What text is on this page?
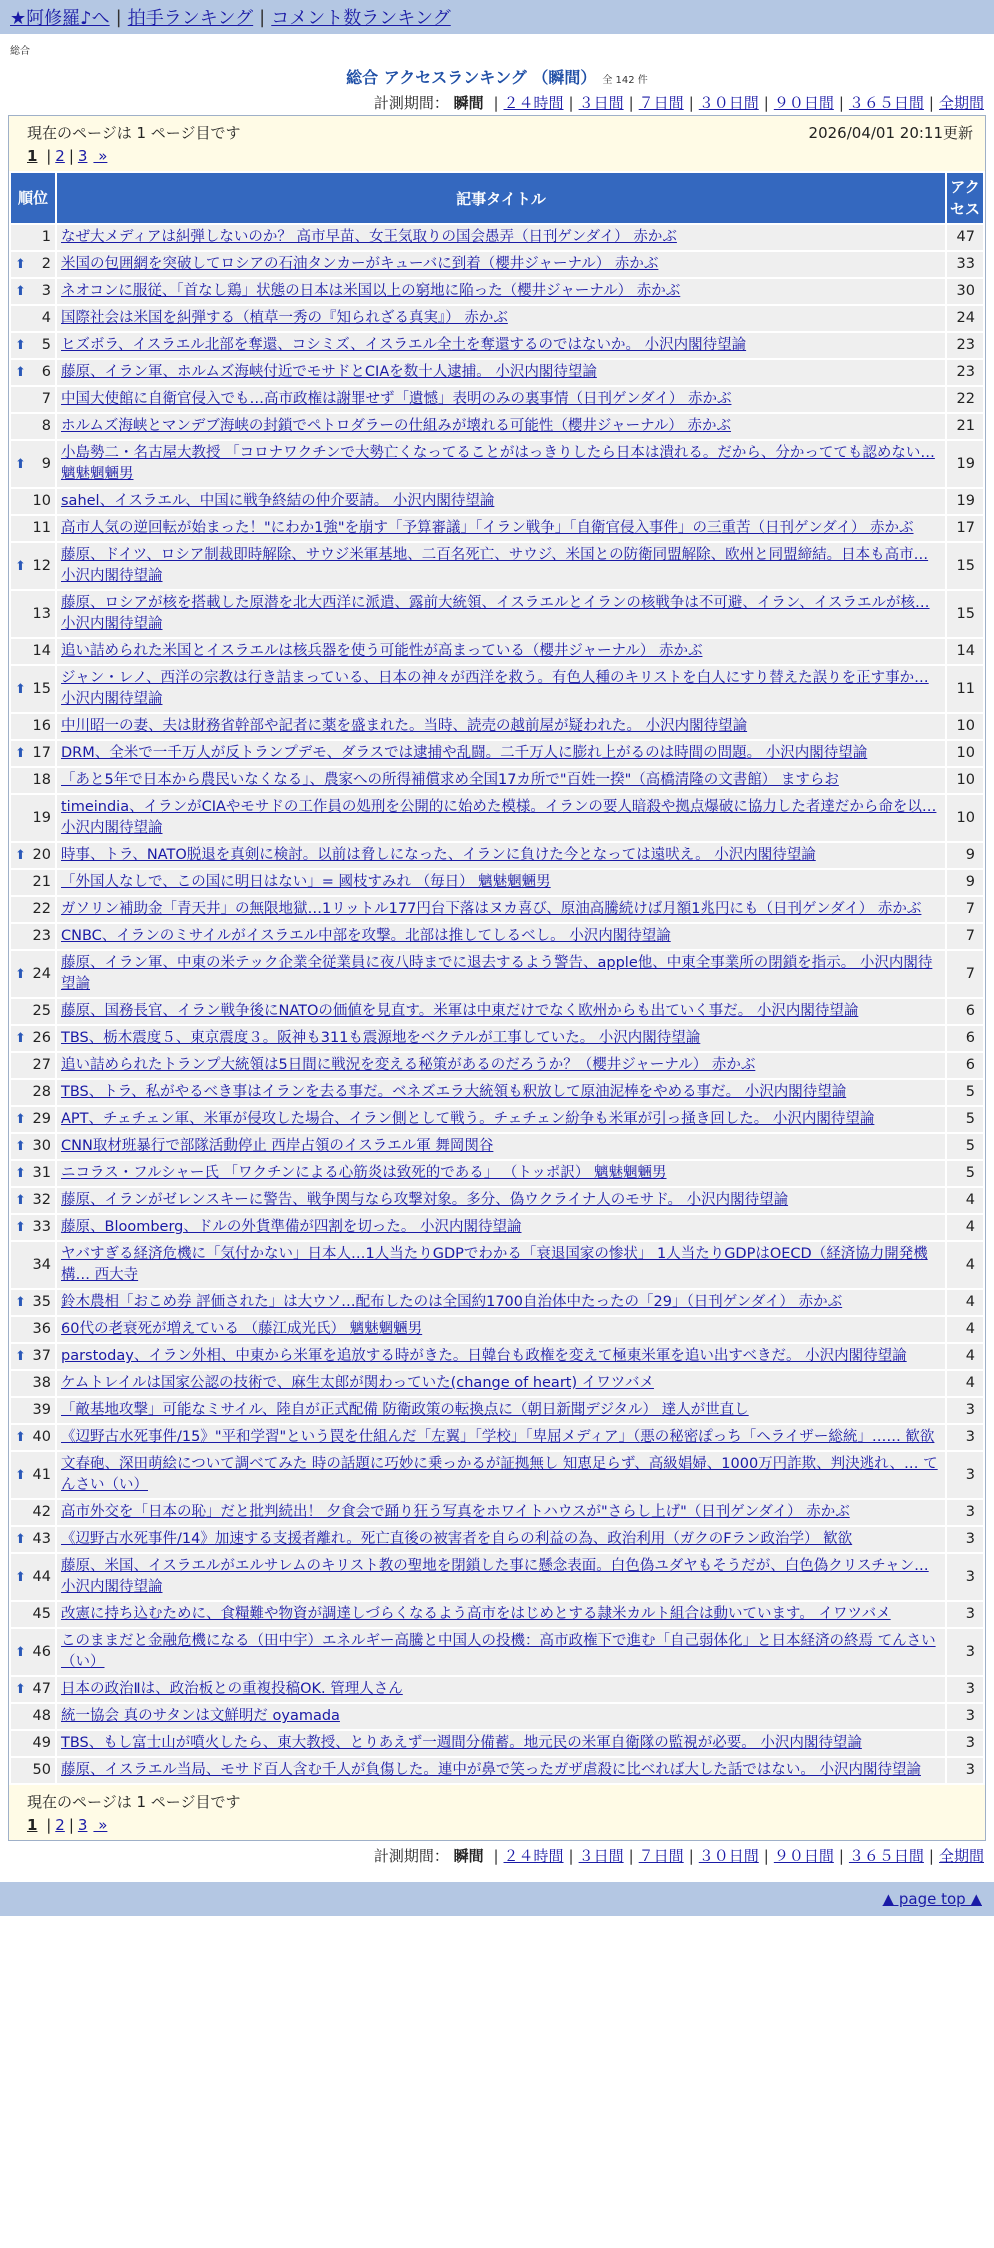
★阿修羅♪へ | 拍手ランキング | コメント数ランキング
総合
総合 アクセスランキング （瞬間） 全 142 件
計測期間： 瞬間 | ２４時間 | ３日間 | ７日間 | ３０日間 | ９０日間 | ３６５日間 | 全期間
現在のページは 1 ページ目です	2026/04/01 20:11更新
1 | 2 | 3 »
順位	記事タイトル	アクセス
1	なぜ大メディアは糾弾しないのか？ 高市早苗、女王気取りの国会愚弄（日刊ゲンダイ） 赤かぶ	47

⬆ 2	米国の包囲網を突破してロシアの石油タンカーがキューバに到着（櫻井ジャーナル） 赤かぶ	33

⬆ 3	ネオコンに服従、「首なし鶏」状態の日本は米国以上の窮地に陥った（櫻井ジャーナル） 赤かぶ	30
4	国際社会は米国を糾弾する（植草一秀の『知られざる真実』） 赤かぶ	24

⬆ 5	ヒズボラ、イスラエル北部を奪還、コシミズ、イスラエル全土を奪還するのではないか。 小沢内閣待望論	23

⬆ 6	藤原、イラン軍、ホルムズ海峡付近でモサドとCIAを数十人逮捕。 小沢内閣待望論	23
7	中国大使館に自衛官侵入でも…高市政権は謝罪せず「遺憾」表明のみの裏事情（日刊ゲンダイ） 赤かぶ	22
8	ホルムズ海峡とマンデブ海峡の封鎖でペトロダラーの仕組みが壊れる可能性（櫻井ジャーナル） 赤かぶ	21

⬆ 9	小島勢二・名古屋大教授 「コロナワクチンで大勢亡くなってることがはっきりしたら日本は潰れる。だから、分かってても認めない… 魑魅魍魎男	19
10	sahel、イスラエル、中国に戦争終結の仲介要請。 小沢内閣待望論	19
11	高市人気の逆回転が始まった！"にわか1強"を崩す「予算審議」「イラン戦争」「自衛官侵入事件」の三重苦（日刊ゲンダイ） 赤かぶ	17

⬆ 12	藤原、ドイツ、ロシア制裁即時解除、サウジ米軍基地、二百名死亡、サウジ、米国との防衛同盟解除、欧州と同盟締結。日本も高市… 小沢内閣待望論	15
13	藤原、ロシアが核を搭載した原潜を北大西洋に派遣、露前大統領、イスラエルとイランの核戦争は不可避、イラン、イスラエルが核… 小沢内閣待望論	15
14	追い詰められた米国とイスラエルは核兵器を使う可能性が高まっている（櫻井ジャーナル） 赤かぶ	14

⬆ 15	ジャン・レノ、西洋の宗教は行き詰まっている、日本の神々が西洋を救う。有色人種のキリストを白人にすり替えた誤りを正す事か… 小沢内閣待望論	11
16	中川昭一の妻、夫は財務省幹部や記者に薬を盛まれた。当時、読売の越前屋が疑われた。 小沢内閣待望論	10

⬆ 17	DRM、全米で一千万人が反トランプデモ、ダラスでは逮捕や乱闘。二千万人に膨れ上がるのは時間の問題。 小沢内閣待望論	10
18	「あと5年で日本から農民いなくなる」、農家への所得補償求め全国17カ所で"百姓一揆"（高橋清隆の文書館） ますらお	10
19	timeindia、イランがCIAやモサドの工作員の処刑を公開的に始めた模様。イランの要人暗殺や拠点爆破に協力した者達だから命を以… 小沢内閣待望論	10

⬆ 20	時事、トラ、NATO脱退を真剣に検討。以前は脅しになった、イランに負けた今となっては遠吠え。 小沢内閣待望論	9
21	「外国人なしで、この国に明日はない」= 國枝すみれ （毎日） 魑魅魍魎男	9
22	ガソリン補助金「青天井」の無限地獄…1リットル177円台下落はヌカ喜び、原油高騰続けば月額1兆円にも（日刊ゲンダイ） 赤かぶ	7
23	CNBC、イランのミサイルがイスラエル中部を攻撃。北部は推してしるべし。 小沢内閣待望論	7

⬆ 24	藤原、イラン軍、中東の米テック企業全従業員に夜八時までに退去するよう警告、apple他、中東全事業所の閉鎖を指示。 小沢内閣待望論	7
25	藤原、国務長官、イラン戦争後にNATOの価値を見直す。米軍は中東だけでなく欧州からも出ていく事だ。 小沢内閣待望論	6

⬆ 26	TBS、栃木震度５、東京震度３。阪神も311も震源地をベクテルが工事していた。 小沢内閣待望論	6
27	追い詰められたトランプ大統領は5日間に戦況を変える秘策があるのだろうか？（櫻井ジャーナル） 赤かぶ	6
28	TBS、トラ、私がやるべき事はイランを去る事だ。ベネズエラ大統領も釈放して原油泥棒をやめる事だ。 小沢内閣待望論	5

⬆ 29	APT、チェチェン軍、米軍が侵攻した場合、イラン側として戦う。チェチェン紛争も米軍が引っ掻き回した。 小沢内閣待望論	5

⬆ 30	CNN取材班暴行で部隊活動停止 西岸占領のイスラエル軍 舞岡関谷	5

⬆ 31	ニコラス・フルシャー氏 「ワクチンによる心筋炎は致死的である」 （トッポ訳） 魑魅魍魎男	5

⬆ 32	藤原、イランがゼレンスキーに警告、戦争関与なら攻撃対象。多分、偽ウクライナ人のモサド。 小沢内閣待望論	4

⬆ 33	藤原、Bloomberg、ドルの外貨準備が四割を切った。 小沢内閣待望論	4
34	ヤバすぎる経済危機に「気付かない」日本人…1人当たりGDPでわかる「衰退国家の惨状」 1人当たりGDPはOECD（経済協力開発機構… 西大寺	4

⬆ 35	鈴木農相「おこめ券 評価された」は大ウソ…配布したのは全国約1700自治体中たったの「29」（日刊ゲンダイ） 赤かぶ	4
36	60代の老衰死が増えている （藤江成光氏） 魑魅魍魎男	4

⬆ 37	parstoday、イラン外相、中東から米軍を追放する時がきた。日韓台も政権を変えて極東米軍を追い出すべきだ。 小沢内閣待望論	4
38	ケムトレイルは国家公認の技術で、麻生太郎が関わっていた(change of heart) イワツバメ	4
39	「敵基地攻撃」可能なミサイル、陸自が正式配備 防衛政策の転換点に（朝日新聞デジタル） 達人が世直し	3

⬆ 40	《辺野古水死事件/15》"平和学習"という罠を仕組んだ「左翼」「学校」「卑屈メディア」（悪の秘密ぽっち「ヘライザー総統」…… 歓欲	3

⬆ 41	文春砲、深田萌絵について調べてみた 時の話題に巧妙に乗っかるが証拠無し 知恵足らず、高級娼婦、1000万円詐欺、判決逃れ、… てんさい（い）	3
42	高市外交を「日本の恥」だと批判続出！ 夕食会で踊り狂う写真をホワイトハウスが"さらし上げ"（日刊ゲンダイ） 赤かぶ	3

⬆ 43	《辺野古水死事件/14》加速する支援者離れ。死亡直後の被害者を自らの利益の為、政治利用（ガクのFラン政治学） 歓欲	3

⬆ 44	藤原、米国、イスラエルがエルサレムのキリスト教の聖地を閉鎖した事に懸念表面。白色偽ユダヤもそうだが、白色偽クリスチャン… 小沢内閣待望論	3
45	改憲に持ち込むために、食糧難や物資が調達しづらくなるよう高市をはじめとする隷米カルト組合は動いています。 イワツバメ	3

⬆ 46	このままだと金融危機になる（田中宇）エネルギー高騰と中国人の投機：高市政権下で進む「自己弱体化」と日本経済の終焉 てんさい（い）	3

⬆ 47	日本の政治Ⅱは、政治板との重複投稿OK. 管理人さん	3
48	統一協会 真のサタンは文鮮明だ oyamada	3
49	TBS、もし富士山が噴火したら、東大教授、とりあえず一週間分備蓄。地元民の米軍自衛隊の監視が必要。 小沢内閣待望論	3
50	藤原、イスラエル当局、モサド百人含む千人が負傷した。連中が鼻で笑ったガザ虐殺に比べれば大した話ではない。 小沢内閣待望論	3
現在のページは 1 ページ目です
1 | 2 | 3 »
計測期間： 瞬間 | ２４時間 | ３日間 | ７日間 | ３０日間 | ９０日間 | ３６５日間 | 全期間
▲ page top ▲
